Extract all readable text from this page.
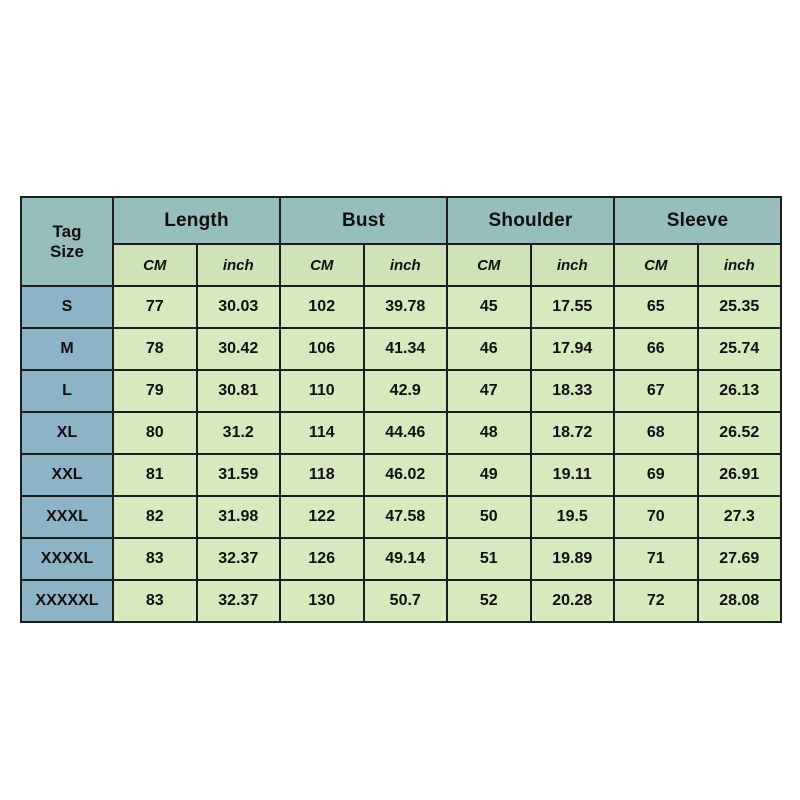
Tag
Size	Length		Bust		Shoulder		Sleeve	
	CM	inch	CM	inch	CM	inch	CM	inch
S	77	30.03	102	39.78	45	17.55	65	25.35
M	78	30.42	106	41.34	46	17.94	66	25.74
L	79	30.81	110	42.9	47	18.33	67	26.13
XL	80	31.2	114	44.46	48	18.72	68	26.52
XXL	81	31.59	118	46.02	49	19.11	69	26.91
XXXL	82	31.98	122	47.58	50	19.5	70	27.3
XXXXL	83	32.37	126	49.14	51	19.89	71	27.69
XXXXXL	83	32.37	130	50.7	52	20.28	72	28.08
